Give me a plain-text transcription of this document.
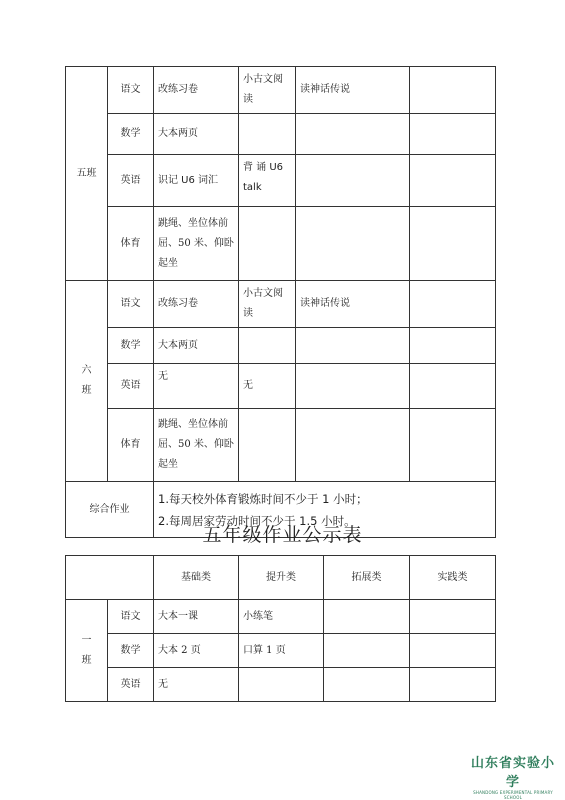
五班	语文	改练习卷	小古文阅读	读神话传说	
	数学	大本两页			
	英语	识记 U6 词汇	背 诵 U6 talk		
	体育	跳绳、坐位体前屈、50 米、仰卧起坐			

六
班	语文	改练习卷	小古文阅读	读神话传说	
	数学	大本两页			
	英语	无	无		
	体育	跳绳、坐位体前屈、50 米、仰卧起坐			
综合作业		1.每天校外体育锻炼时间不少于 1 小时；
2.每周居家劳动时间不少于 1.5 小时。			
五年级作业公示表
		基础类	提升类	拓展类	实践类

一
班	语文	大本一课	小练笔		
	数学	大本 2 页	口算 1 页		
	英语	无			
山东省实验小学
SHANDONG EXPERIMENTAL PRIMARY SCHOOL
